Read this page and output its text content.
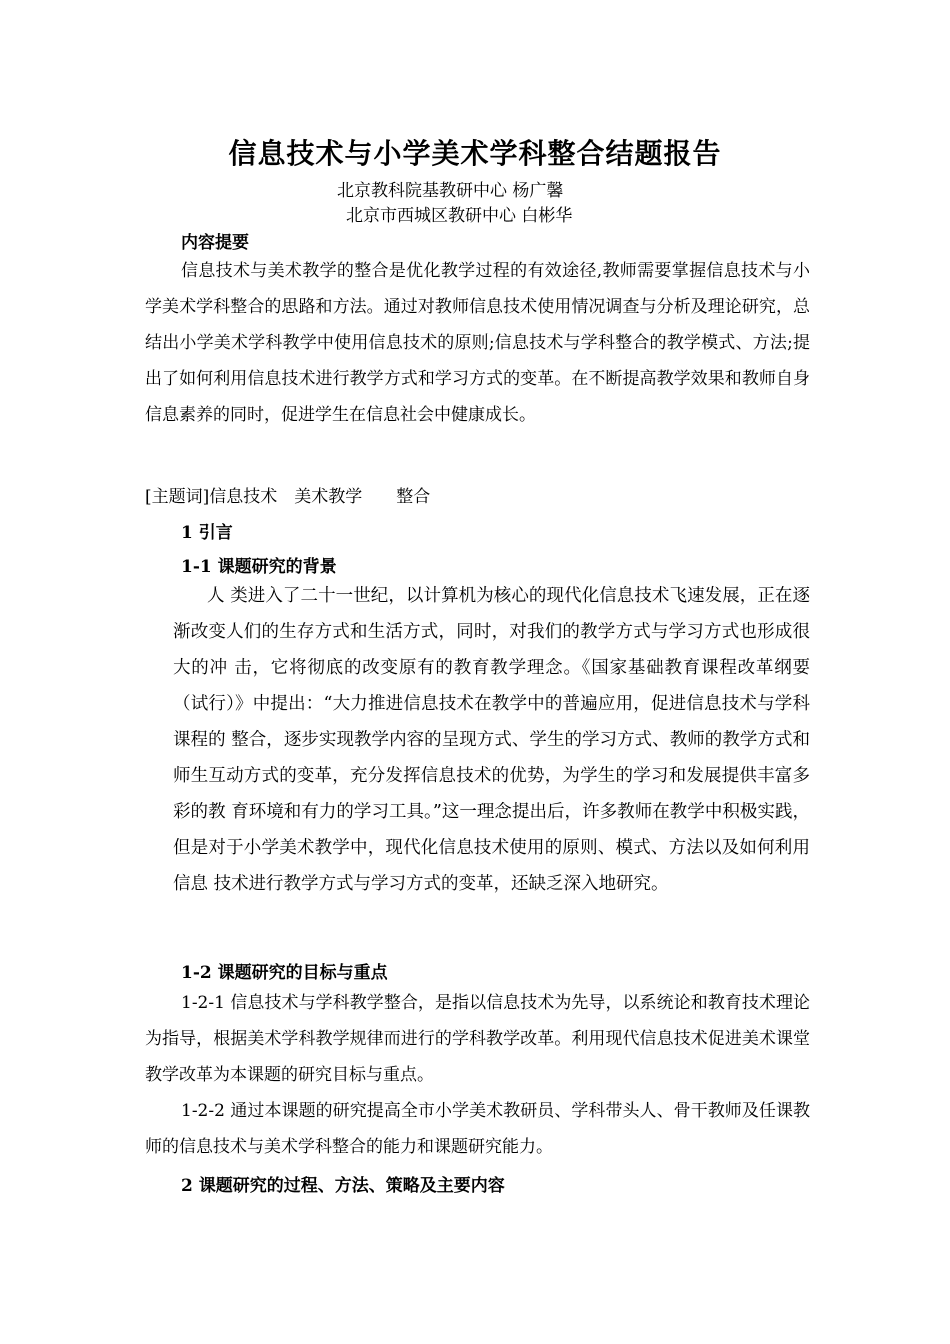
信息技术与小学美术学科整合结题报告
北京教科院基教研中心 杨广馨
北京市西城区教研中心 白彬华
内容提要
信息技术与美术教学的整合是优化教学过程的有效途径,教师需要掌握信息技术与小学美术学科整合的思路和方法。通过对教师信息技术使用情况调查与分析及理论研究，总结出小学美术学科教学中使用信息技术的原则;信息技术与学科整合的教学模式、方法;提出了如何利用信息技术进行教学方式和学习方式的变革。在不断提高教学效果和教师自身信息素养的同时，促进学生在信息社会中健康成长。
[主题词]信息技术　美术教学　　整合
1 引言
1-1 课题研究的背景
人 类进入了二十一世纪，以计算机为核心的现代化信息技术飞速发展，正在逐渐改变人们的生存方式和生活方式，同时，对我们的教学方式与学习方式也形成很大的冲 击，它将彻底的改变原有的教育教学理念。《国家基础教育课程改革纲要（试行）》中提出：“大力推进信息技术在教学中的普遍应用，促进信息技术与学科课程的 整合，逐步实现教学内容的呈现方式、学生的学习方式、教师的教学方式和师生互动方式的变革，充分发挥信息技术的优势，为学生的学习和发展提供丰富多彩的教 育环境和有力的学习工具。”这一理念提出后，许多教师在教学中积极实践，但是对于小学美术教学中，现代化信息技术使用的原则、模式、方法以及如何利用信息 技术进行教学方式与学习方式的变革，还缺乏深入地研究。
1-2 课题研究的目标与重点
1-2-1 信息技术与学科教学整合，是指以信息技术为先导，以系统论和教育技术理论为指导，根据美术学科教学规律而进行的学科教学改革。利用现代信息技术促进美术课堂教学改革为本课题的研究目标与重点。
1-2-2 通过本课题的研究提高全市小学美术教研员、学科带头人、骨干教师及任课教师的信息技术与美术学科整合的能力和课题研究能力。
2 课题研究的过程、方法、策略及主要内容
